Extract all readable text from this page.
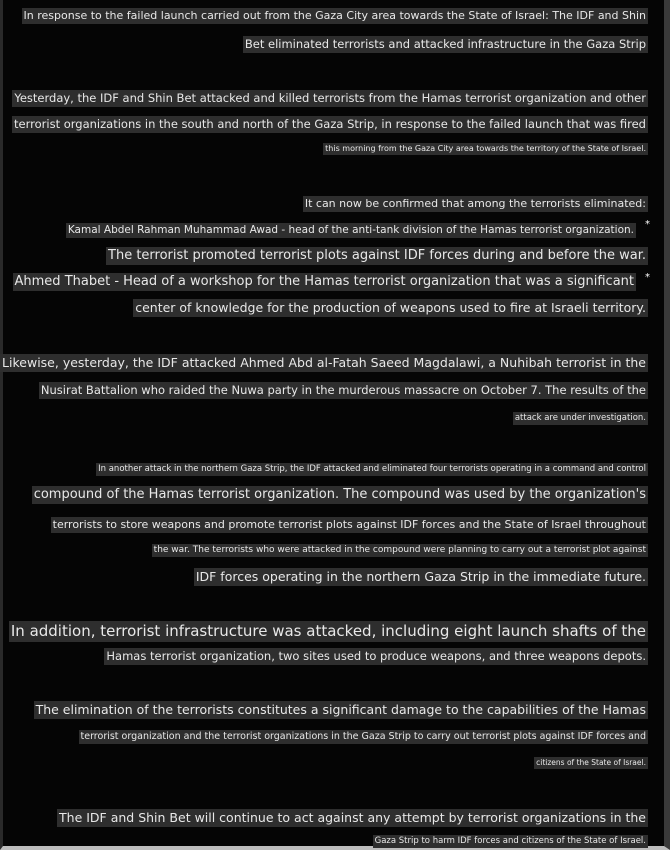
In response to the failed launch carried out from the Gaza City area towards the State of Israel: The IDF and Shin
Bet eliminated terrorists and attacked infrastructure in the Gaza Strip
Yesterday, the IDF and Shin Bet attacked and killed terrorists from the Hamas terrorist organization and other
terrorist organizations in the south and north of the Gaza Strip, in response to the failed launch that was fired
this morning from the Gaza City area towards the territory of the State of Israel.
It can now be confirmed that among the terrorists eliminated:
Kamal Abdel Rahman Muhammad Awad - head of the anti-tank division of the Hamas terrorist organization. *
The terrorist promoted terrorist plots against IDF forces during and before the war.
Ahmed Thabet - Head of a workshop for the Hamas terrorist organization that was a significant *
center of knowledge for the production of weapons used to fire at Israeli territory.
Likewise, yesterday, the IDF attacked Ahmed Abd al-Fatah Saeed Magdalawi, a Nuhibah terrorist in the
Nusirat Battalion who raided the Nuwa party in the murderous massacre on October 7. The results of the
attack are under investigation.
In another attack in the northern Gaza Strip, the IDF attacked and eliminated four terrorists operating in a command and control
compound of the Hamas terrorist organization. The compound was used by the organization's
terrorists to store weapons and promote terrorist plots against IDF forces and the State of Israel throughout
the war. The terrorists who were attacked in the compound were planning to carry out a terrorist plot against
IDF forces operating in the northern Gaza Strip in the immediate future.
In addition, terrorist infrastructure was attacked, including eight launch shafts of the
Hamas terrorist organization, two sites used to produce weapons, and three weapons depots.
The elimination of the terrorists constitutes a significant damage to the capabilities of the Hamas
terrorist organization and the terrorist organizations in the Gaza Strip to carry out terrorist plots against IDF forces and
citizens of the State of Israel.
The IDF and Shin Bet will continue to act against any attempt by terrorist organizations in the
Gaza Strip to harm IDF forces and citizens of the State of Israel.
